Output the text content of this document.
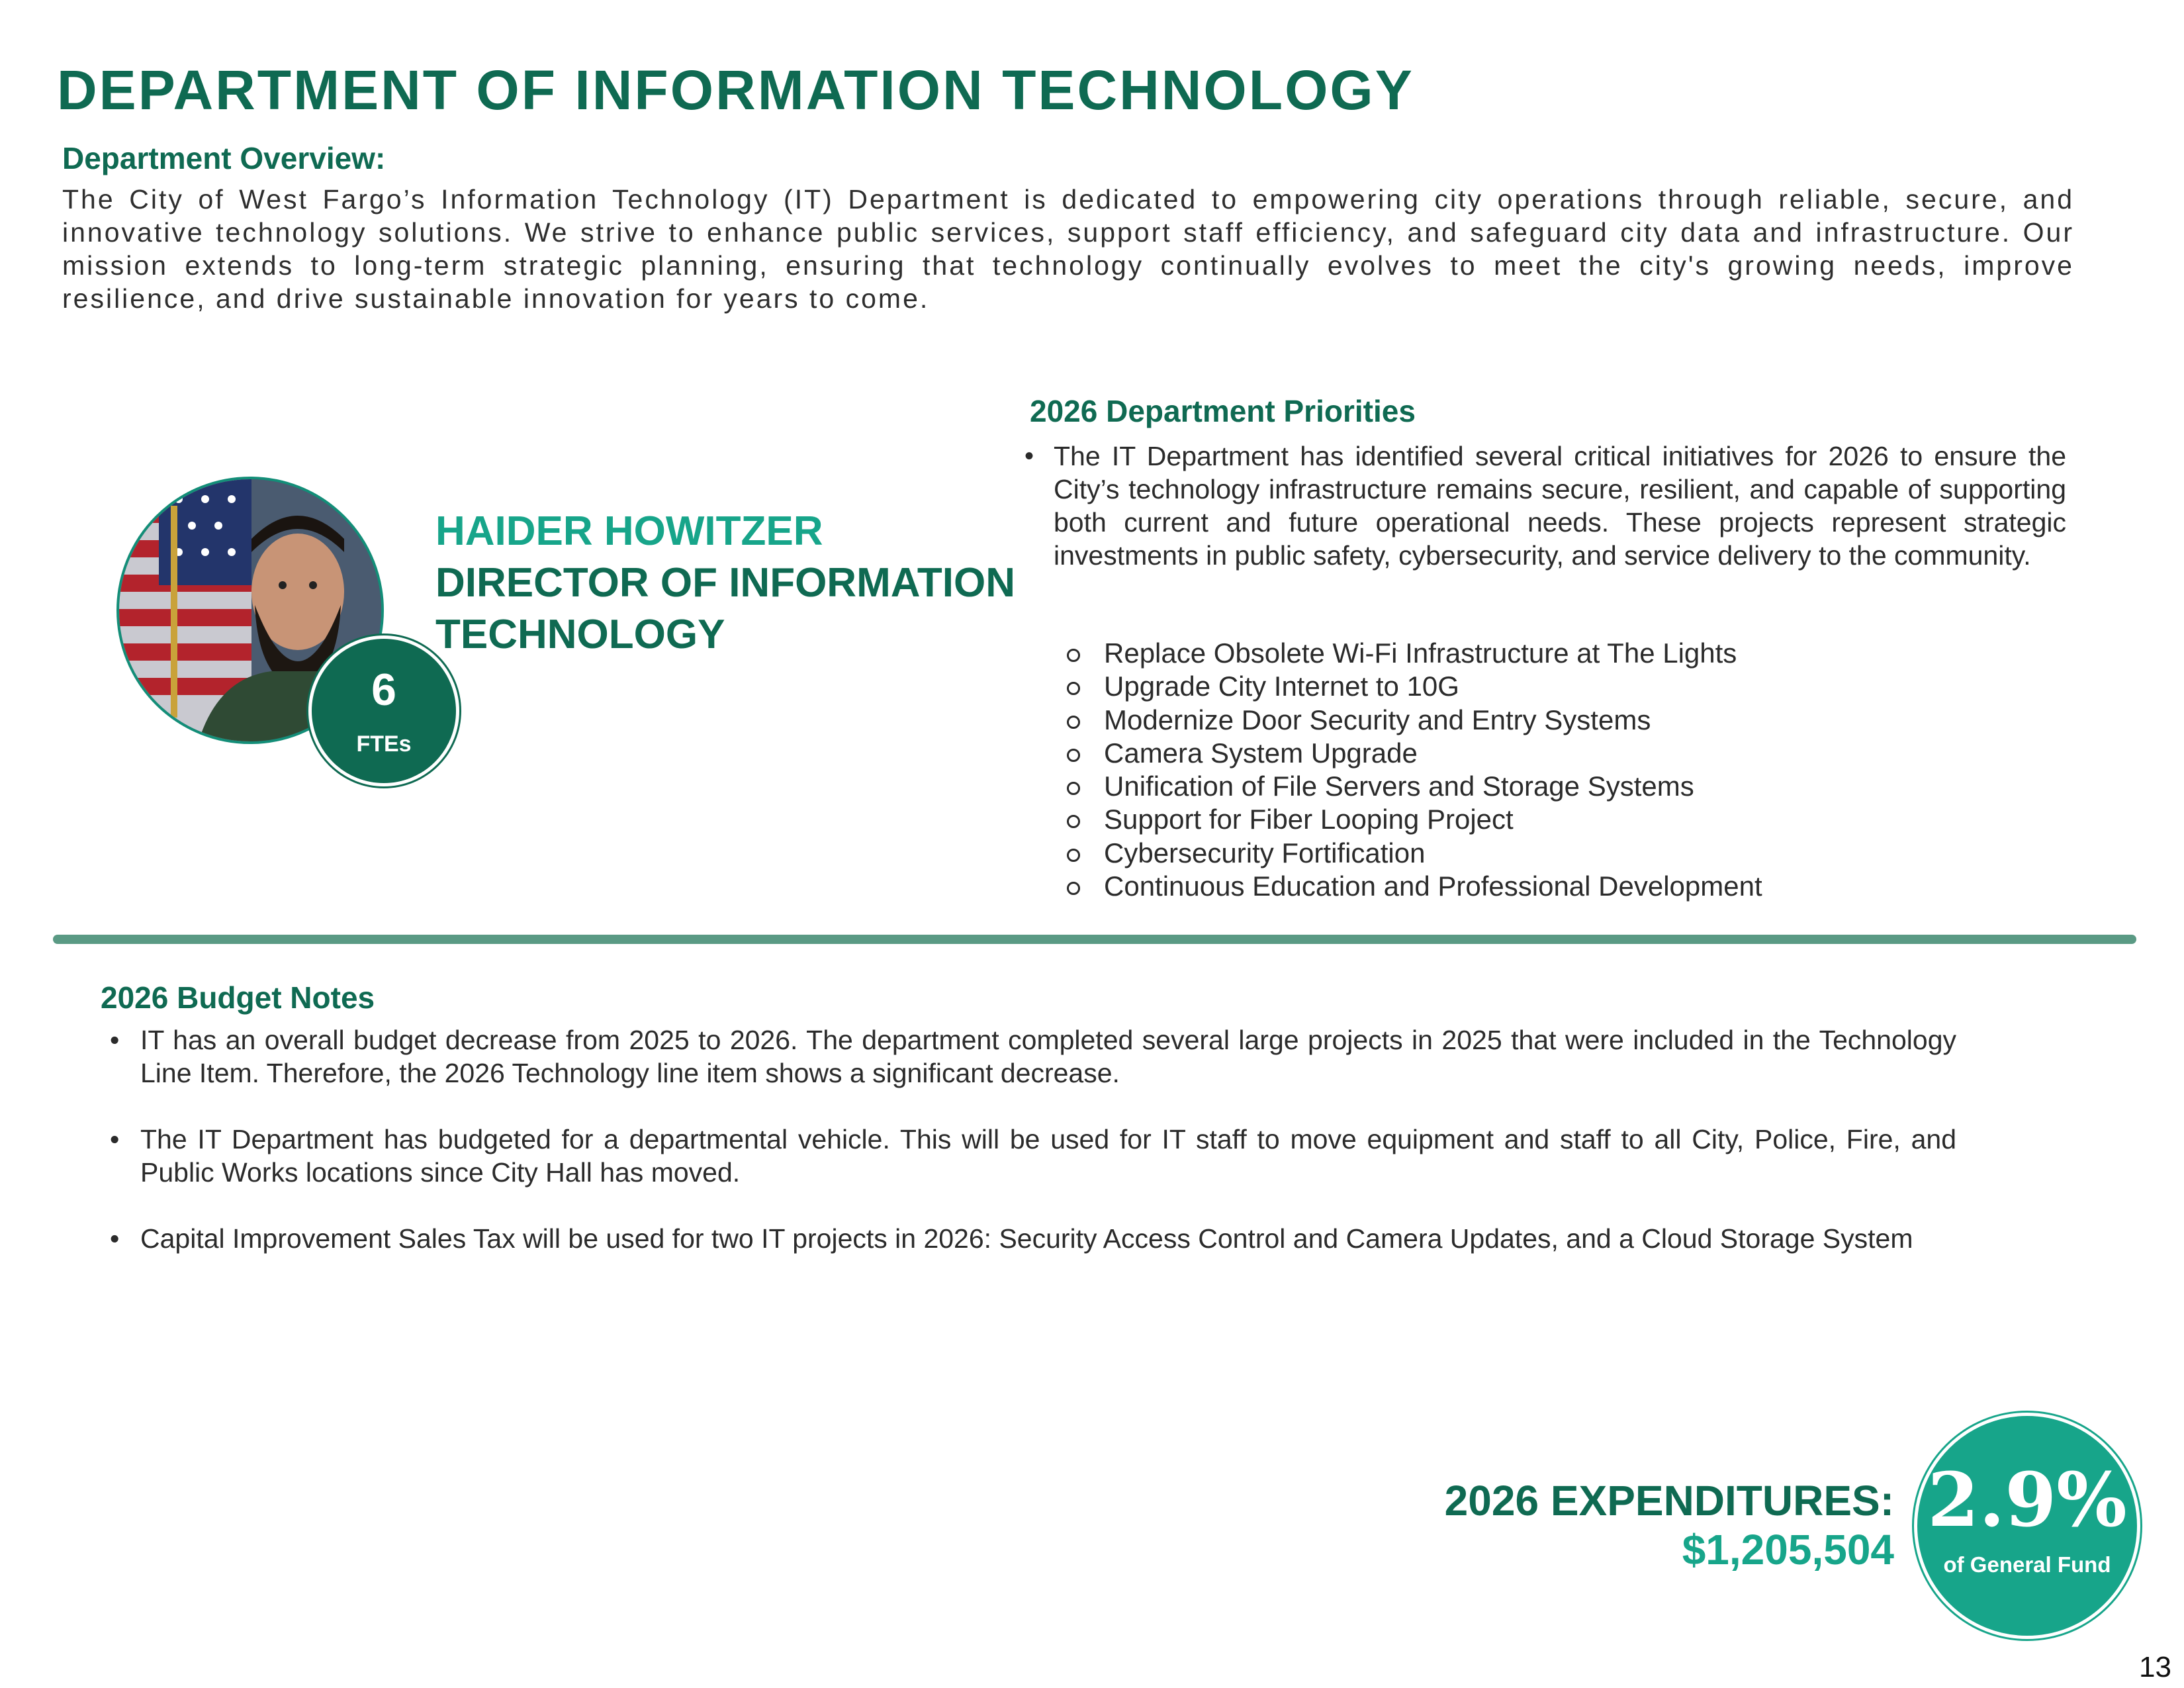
DEPARTMENT OF INFORMATION TECHNOLOGY
Department Overview:
The City of West Fargo’s Information Technology (IT) Department is dedicated to empowering city operations through reliable, secure, and innovative technology solutions. We strive to enhance public services, support staff efficiency, and safeguard city data and infrastructure. Our mission extends to long-term strategic planning, ensuring that technology continually evolves to meet the city's growing needs, improve resilience, and drive sustainable innovation for years to come.
6
FTEs
HAIDER HOWITZER
DIRECTOR OF INFORMATION TECHNOLOGY
2026 Department Priorities
• The IT Department has identified several critical initiatives for 2026 to ensure the City’s technology infrastructure remains secure, resilient, and capable of supporting both current and future operational needs. These projects represent strategic investments in public safety, cybersecurity, and service delivery to the community.
Replace Obsolete Wi-Fi Infrastructure at The Lights
Upgrade City Internet to 10G
Modernize Door Security and Entry Systems
Camera System Upgrade
Unification of File Servers and Storage Systems
Support for Fiber Looping Project
Cybersecurity Fortification
Continuous Education and Professional Development
2026 Budget Notes
• IT has an overall budget decrease from 2025 to 2026. The department completed several large projects in 2025 that were included in the Technology Line Item. Therefore, the 2026 Technology line item shows a significant decrease.
• The IT Department has budgeted for a departmental vehicle. This will be used for IT staff to move equipment and staff to all City, Police, Fire, and Public Works locations since City Hall has moved.
• Capital Improvement Sales Tax will be used for two IT projects in 2026: Security Access Control and Camera Updates, and a Cloud Storage System
2026 EXPENDITURES:
$1,205,504
2.9%
of General Fund
13
